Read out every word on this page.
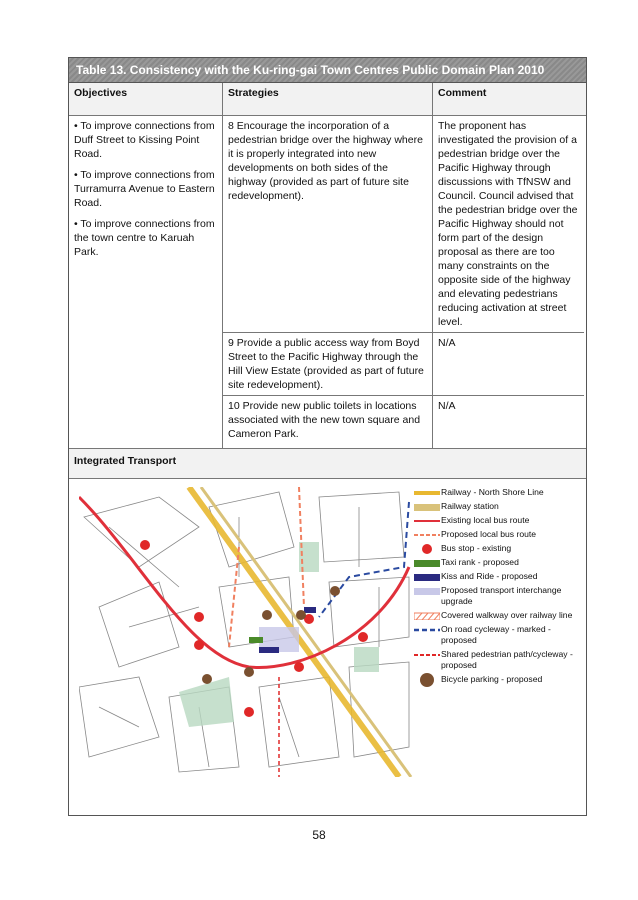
Table 13. Consistency with the Ku-ring-gai Town Centres Public Domain Plan 2010
Objectives	Strategies	Comment

• To improve connections from Duff Street to Kissing Point Road.

• To improve connections from Turramurra Avenue to Eastern Road.

• To improve connections from the town centre to Karuah Park.

8 Encourage the incorporation of a pedestrian bridge over the highway where it is properly integrated into new developments on both sides of the highway (provided as part of future site redevelopment).
The proponent has investigated the provision of a pedestrian bridge over the Pacific Highway through discussions with TfNSW and Council. Council advised that the pedestrian bridge over the Pacific Highway should not form part of the design proposal as there are too many constraints on the opposite side of the highway and elevating pedestrians reducing activation at street level.
9 Provide a public access way from Boyd Street to the Pacific Highway through the Hill View Estate (provided as part of future site redevelopment).
N/A
10 Provide new public toilets in locations associated with the new town square and Cameron Park.
N/A
Integrated Transport
Railway - North Shore Line
Railway station
Existing local bus route
Proposed local bus route
Bus stop - existing
Taxi rank - proposed
Kiss and Ride - proposed
Proposed transport interchange upgrade
Covered walkway over railway line
On road cycleway - marked - proposed
Shared pedestrian path/cycleway - proposed
Bicycle parking - proposed
58
